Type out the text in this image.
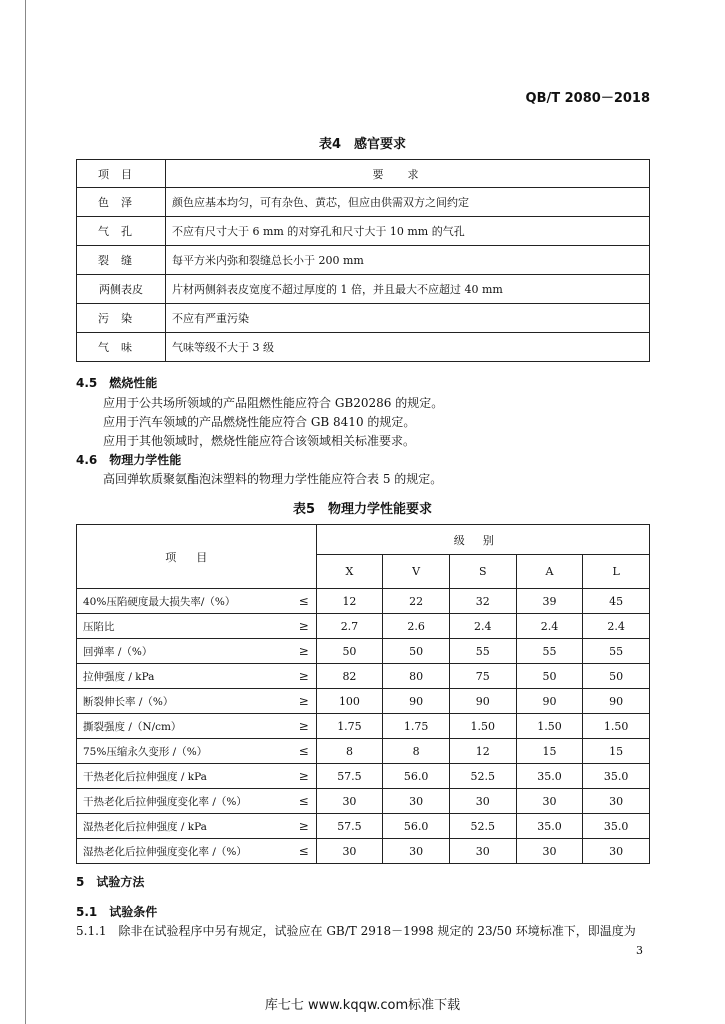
QB/T 2080－2018
表4　感官要求
项目	要求
色泽	颜色应基本均匀，可有杂色、黄芯，但应由供需双方之间约定
气孔	不应有尺寸大于 6 mm 的对穿孔和尺寸大于 10 mm 的气孔
裂缝	每平方米内弥和裂缝总长小于 200 mm
两侧表皮	片材两侧斜表皮宽度不超过厚度的 1 倍，并且最大不应超过 40 mm
污染	不应有严重污染
气味	气味等级不大于 3 级
4.5　燃烧性能
应用于公共场所领域的产品阻燃性能应符合 GB20286 的规定。
应用于汽车领域的产品燃烧性能应符合 GB 8410 的规定。
应用于其他领域时，燃烧性能应符合该领域相关标准要求。
4.6　物理力学性能
高回弹软质聚氨酯泡沫塑料的物理力学性能应符合表 5 的规定。
表5　物理力学性能要求
项目		级别				
		X	V	S	A	L
40%压陷硬度最大损失率/（%）	≤	12	22	32	39	45
压陷比	≥	2.7	2.6	2.4	2.4	2.4
回弹率 /（%）	≥	50	50	55	55	55
拉伸强度 / kPa	≥	82	80	75	50	50
断裂伸长率 /（%）	≥	100	90	90	90	90
撕裂强度 /（N/cm）	≥	1.75	1.75	1.50	1.50	1.50
75%压缩永久变形 /（%）	≤	8	8	12	15	15
干热老化后拉伸强度 / kPa	≥	57.5	56.0	52.5	35.0	35.0
干热老化后拉伸强度变化率 /（%）	≤	30	30	30	30	30
湿热老化后拉伸强度 / kPa	≥	57.5	56.0	52.5	35.0	35.0
湿热老化后拉伸强度变化率 /（%）	≤	30	30	30	30	30
5　试验方法
5.1　试验条件
5.1.1　除非在试验程序中另有规定，试验应在 GB/T 2918－1998 规定的 23/50 环境标准下，即温度为
3
库七七 www.kqqw.com标准下载
